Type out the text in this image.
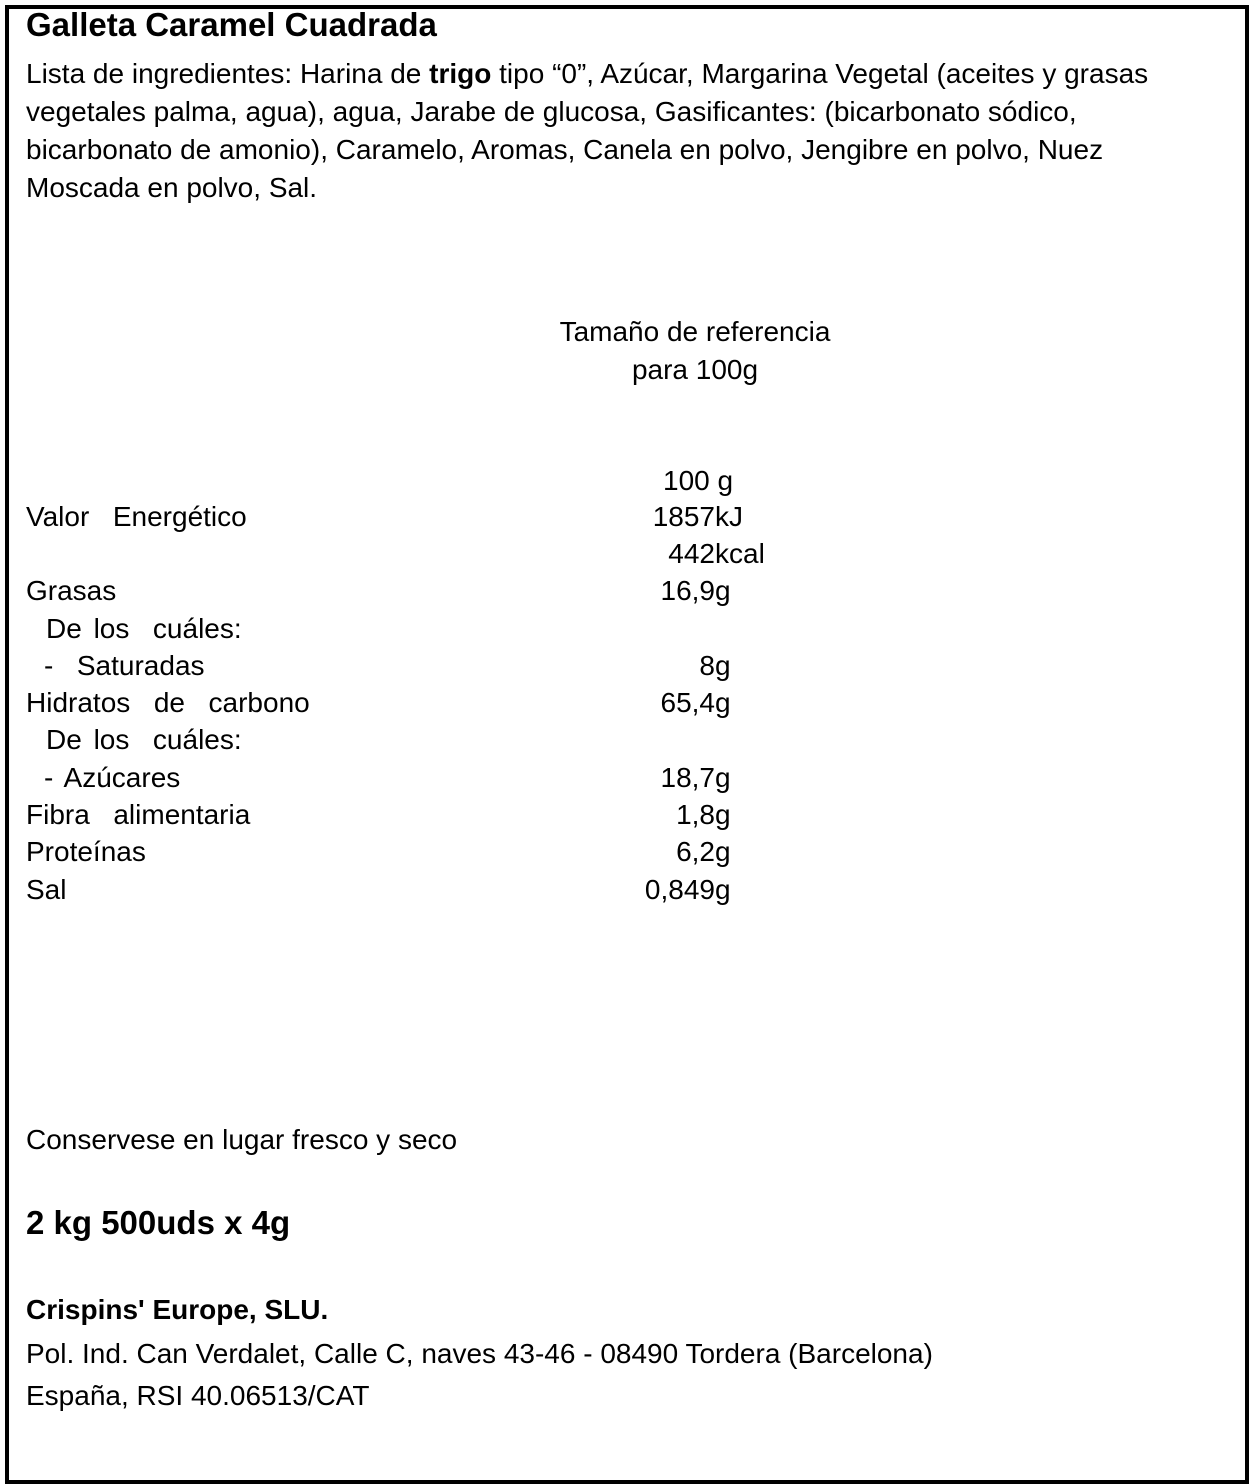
Galleta Caramel Cuadrada
Lista de ingredientes: Harina de trigo tipo “0”, Azúcar, Margarina Vegetal (aceites y grasas vegetales palma, agua), agua, Jarabe de glucosa, Gasificantes: (bicarbonato sódico, bicarbonato de amonio), Caramelo, Aromas, Canela en polvo, Jengibre en polvo, Nuez Moscada en polvo, Sal.
Tamaño de referencia
para 100g
100 g
Valor  Energético	1857 kJ
442 kcal
Grasas	16,9 g
De los  cuáles:
-  Saturadas	8 g
Hidratos  de  carbono	65,4 g
De los  cuáles:
- Azúcares	18,7 g
Fibra  alimentaria	1,8 g
Proteínas	6,2 g
Sal	0,849 g
Conservese en lugar fresco y seco
2 kg 500uds x 4g
Crispins' Europe, SLU.
Pol. Ind. Can Verdalet, Calle C, naves 43-46 - 08490 Tordera (Barcelona)
España, RSI 40.06513/CAT
